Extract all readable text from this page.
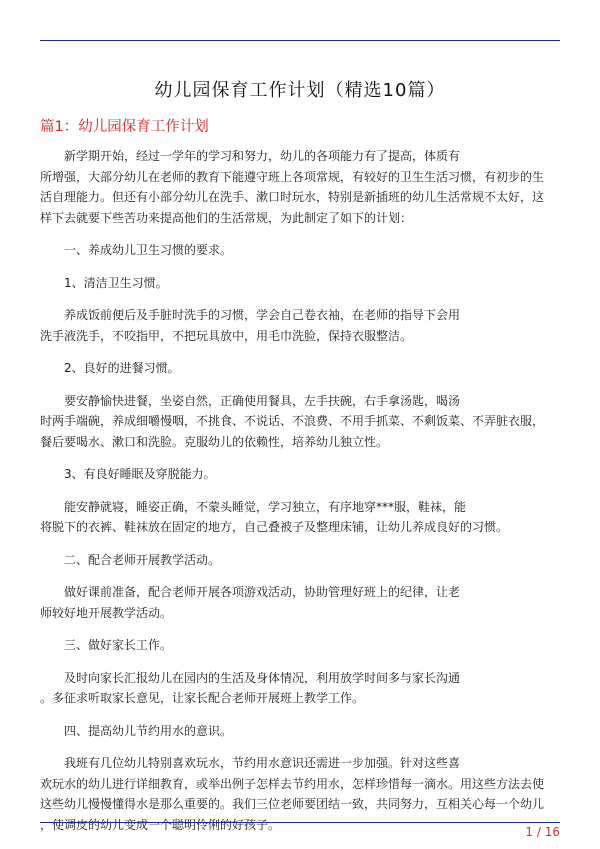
幼儿园保育工作计划（精选10篇）
篇1：幼儿园保育工作计划

新学期开始，经过一学年的学习和努力，幼儿的各项能力有了提高，体质有
所增强，大部分幼儿在老师的教育下能遵守班上各项常规，有较好的卫生生活习惯，有初步的生
活自理能力。但还有小部分幼儿在洗手、漱口时玩水，特别是新插班的幼儿生活常规不太好，这
样下去就要下些苦功来提高他们的生活常规，为此制定了如下的计划：

一、养成幼儿卫生习惯的要求。

1、清洁卫生习惯。

养成饭前便后及手脏时洗手的习惯，学会自己卷衣袖，在老师的指导下会用
洗手液洗手，不咬指甲，不把玩具放中，用毛巾洗脸，保持衣服整洁。

2、良好的进餐习惯。

要安静愉快进餐，坐姿自然，正确使用餐具，左手扶碗，右手拿汤匙，喝汤
时两手端碗，养成细嚼慢咽，不挑食、不说话、不浪费、不用手抓菜、不剩饭菜、不弄脏衣服，
餐后要喝水、漱口和洗脸。克服幼儿的依赖性，培养幼儿独立性。

3、有良好睡眠及穿脱能力。

能安静就寝，睡姿正确，不蒙头睡觉，学习独立，有序地穿***服，鞋袜，能
将脱下的衣裤、鞋袜放在固定的地方，自己叠被子及整理床铺，让幼儿养成良好的习惯。

二、配合老师开展教学活动。

做好课前准备，配合老师开展各项游戏活动，协助管理好班上的纪律，让老
师较好地开展教学活动。

三、做好家长工作。

及时向家长汇报幼儿在园内的生活及身体情况，利用放学时间多与家长沟通
。多征求听取家长意见，让家长配合老师开展班上教学工作。

四、提高幼儿节约用水的意识。

我班有几位幼儿特别喜欢玩水，节约用水意识还需进一步加强。针对这些喜
欢玩水的幼儿进行详细教育，或举出例子怎样去节约用水，怎样珍惜每一滴水。用这些方法去使
这些幼儿慢慢懂得水是那么重要的。我们三位老师要团结一致，共同努力，互相关心每一个幼儿
，使调皮的幼儿变成一个聪明伶俐的好孩子。

1 / 16
